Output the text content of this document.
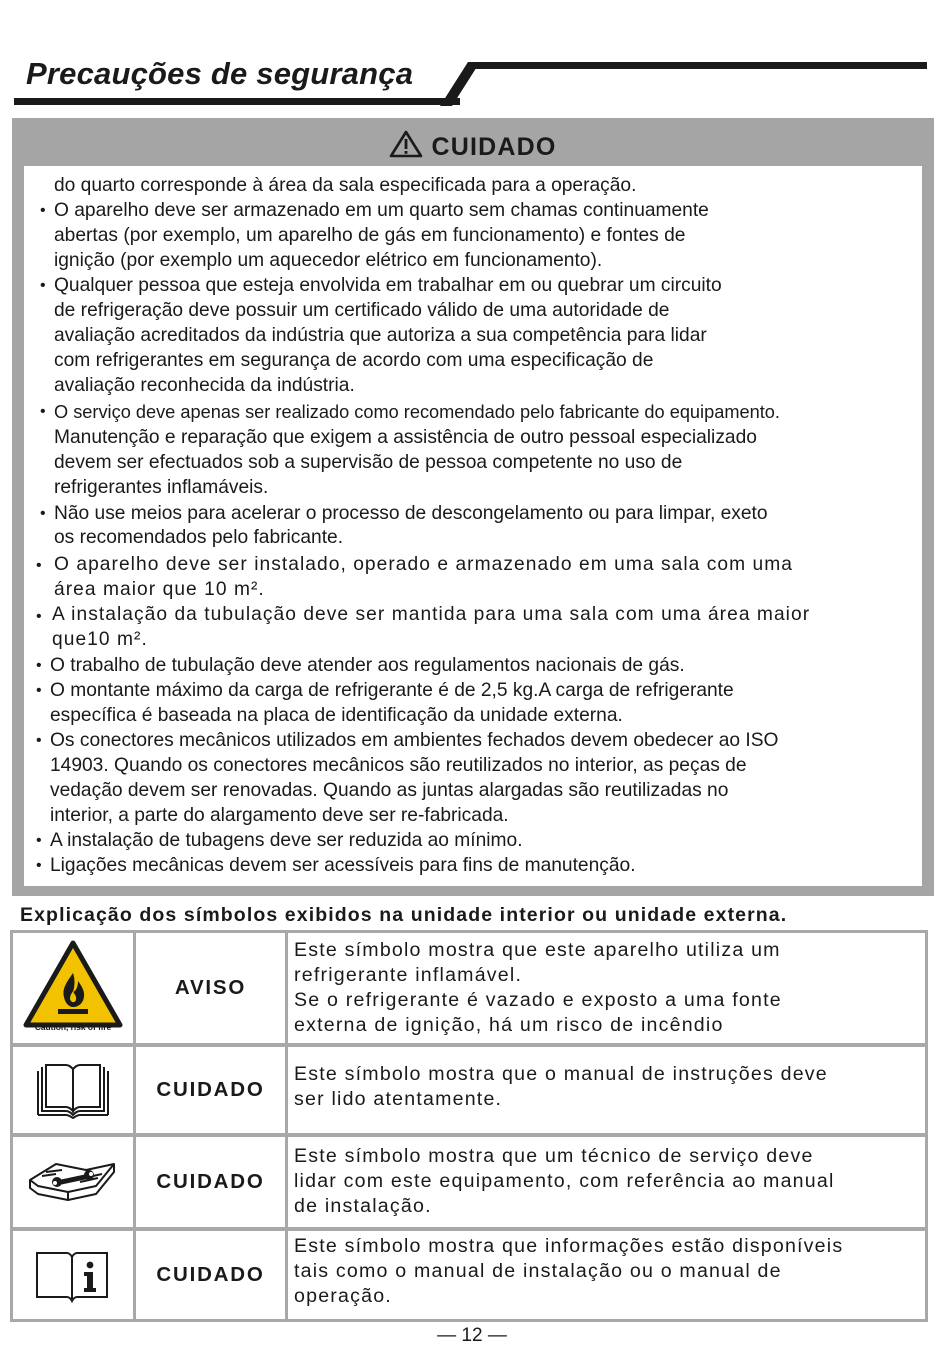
Precauções de segurança
CUIDADO
do quarto corresponde à área da sala especificada para a operação.
• O aparelho deve ser armazenado em um quarto sem chamas continuamente
abertas (por exemplo, um aparelho de gás em funcionamento) e fontes de
ignição (por exemplo um aquecedor elétrico em funcionamento).
• Qualquer pessoa que esteja envolvida em trabalhar em ou quebrar um circuito
de refrigeração deve possuir um certificado válido de uma autoridade de
avaliação acreditados da indústria que autoriza a sua competência para lidar
com refrigerantes em segurança de acordo com uma especificação de
avaliação reconhecida da indústria.
• O serviço deve apenas ser realizado como recomendado pelo fabricante do equipamento.
Manutenção e reparação que exigem a assistência de outro pessoal especializado
devem ser efectuados sob a supervisão de pessoa competente no uso de
refrigerantes inflamáveis.
• Não use meios para acelerar o processo de descongelamento ou para limpar, exeto
os recomendados pelo fabricante.
• O aparelho deve ser instalado, operado e armazenado em uma sala com uma
área maior que 10 m².
• A instalação da tubulação deve ser mantida para uma sala com uma área maior
que10 m².
• O trabalho de tubulação deve atender aos regulamentos nacionais de gás.
• O montante máximo da carga de refrigerante é de 2,5 kg.A carga de refrigerante
específica é baseada na placa de identificação da unidade externa.
• Os conectores mecânicos utilizados em ambientes fechados devem obedecer ao ISO
14903. Quando os conectores mecânicos são reutilizados no interior, as peças de
vedação devem ser renovadas. Quando as juntas alargadas são reutilizadas no
interior, a parte do alargamento deve ser re-fabricada.
• A instalação de tubagens deve ser reduzida ao mínimo.
• Ligações mecânicas devem ser acessíveis para fins de manutenção.
Explicação dos símbolos exibidos na unidade interior ou unidade externa.
AVISO
Caution, risk of fire
Este símbolo mostra que este aparelho utiliza um
refrigerante inflamável.
Se o refrigerante é vazado e exposto a uma fonte
externa de ignição, há um risco de incêndio
CUIDADO
Este símbolo mostra que o manual de instruções deve
ser lido atentamente.
CUIDADO
Este símbolo mostra que um técnico de serviço deve
lidar com este equipamento, com referência ao manual
de instalação.
CUIDADO
Este símbolo mostra que informações estão disponíveis
tais como o manual de instalação ou o manual de
operação.
— 12 —
